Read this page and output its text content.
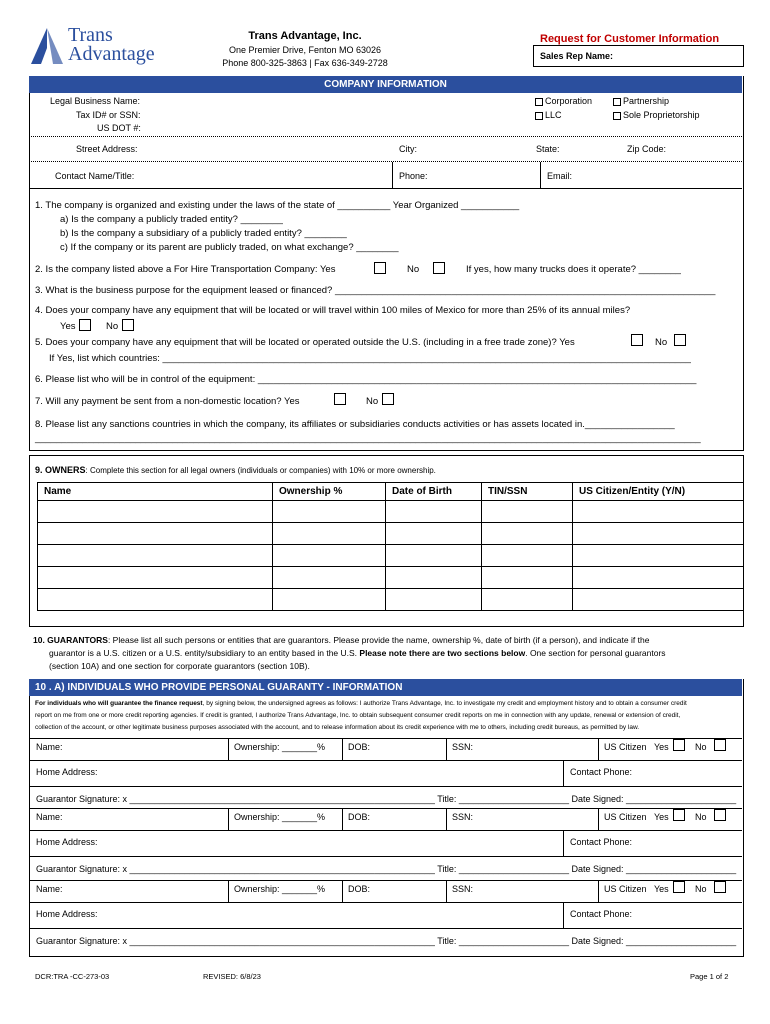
Trans
Advantage
Trans Advantage, Inc.
One Premier Drive, Fenton MO 63026
Phone 800-325-3863 | Fax 636-349-2728
Request for Customer Information
Sales Rep Name:
COMPANY INFORMATION
Legal Business Name:
Tax ID# or SSN:
US DOT #:
Corporation
LLC
Partnership
Sole Proprietorship
Street Address:	City:	State:	Zip Code:
Contact Name/Title:	Phone:	Email:
1. The company is organized and existing under the laws of the state of __________ Year Organized ___________
a) Is the company a publicly traded entity? ________
b) Is the company a subsidiary of a publicly traded entity? ________
c) If the company or its parent are publicly traded, on what exchange? ________
2. Is the company listed above a For Hire Transportation Company: Yes	No	If yes, how many trucks does it operate? ________
3. What is the business purpose for the equipment leased or financed? ________________________________________________________________________
4. Does your company have any equipment that will be located or will travel within 100 miles of Mexico for more than 25% of its annual miles?
Yes	No
5. Does your company have any equipment that will be located or operated outside the U.S. (including in a free trade zone)? Yes	No
If Yes, list which countries: ____________________________________________________________________________________________________
6. Please list who will be in control of the equipment: ___________________________________________________________________________________
7. Will any payment be sent from a non-domestic location? Yes	No
8. Please list any sanctions countries in which the company, its affiliates or subsidiaries conducts activities or has assets located in._________________
______________________________________________________________________________________________________________________________
9. OWNERS: Complete this section for all legal owners (individuals or companies) with 10% or more ownership.
Name	Ownership %	Date of Birth	TIN/SSN	US Citizen/Entity (Y/N)

10. GUARANTORS: Please list all such persons or entities that are guarantors. Please provide the name, ownership %, date of birth (if a person), and indicate if the
guarantor is a U.S. citizen or a U.S. entity/subsidiary to an entity based in the U.S. Please note there are two sections below. One section for personal guarantors
(section 10A) and one section for corporate guarantors (section 10B).
10 . A) INDIVIDUALS WHO PROVIDE PERSONAL GUARANTY - INFORMATION
For individuals who will guarantee the finance request, by signing below, the undersigned agrees as follows: I authorize Trans Advantage, Inc. to investigate my credit and employment history and to obtain a consumer credit
report on me from one or more credit reporting agencies. If credit is granted, I authorize Trans Advantage, Inc. to obtain subsequent consumer credit reports on me in connection with any update, renewal or extension of credit,
collection of the account, or other legitimate business purposes associated with the account, and to release information about its credit experience with me to others, including credit bureaus, as permitted by law.
Name:	Ownership: _______%	DOB:	SSN:	US Citizen Yes	No
Home Address:	Contact Phone:
Guarantor Signature: x _____________________________________________________________ Title: ______________________ Date Signed: ______________________
Name:	Ownership: _______%	DOB:	SSN:	US Citizen Yes	No
Home Address:	Contact Phone:
Guarantor Signature: x _____________________________________________________________ Title: ______________________ Date Signed: ______________________
Name:	Ownership: _______%	DOB:	SSN:	US Citizen Yes	No
Home Address:	Contact Phone:
Guarantor Signature: x _____________________________________________________________ Title: ______________________ Date Signed: ______________________
DCR:TRA -CC-273-03	REVISED: 6/8/23	Page 1 of 2
